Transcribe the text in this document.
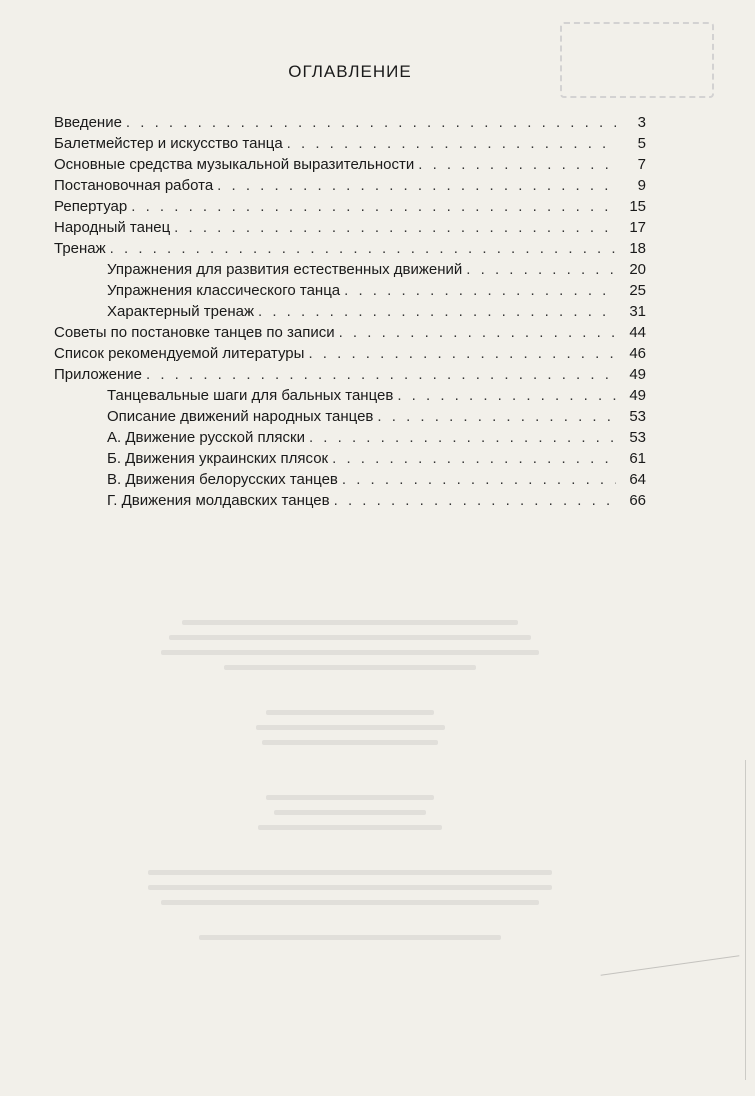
ОГЛАВЛЕНИЕ
Введение . . .	3
Балетмейстер и искусство танца . . .	5
Основные средства музыкальной выразительности . . .	7
Постановочная работа . . .	9
Репертуар . . .	15
Народный танец . . .	17
Тренаж . . .	18
Упражнения для развития естественных движений . . .	20
Упражнения классического танца . . .	25
Характерный тренаж . . .	31
Советы по постановке танцев по записи . . .	44
Список рекомендуемой литературы . . .	46
Приложение . . .	49
Танцевальные шаги для бальных танцев . . .	49
Описание движений народных танцев . . .	53
А. Движение русской пляски . . .	53
Б. Движения украинских плясок . . .	61
В. Движения белорусских танцев . . .	64
Г. Движения молдавских танцев . . .	66
